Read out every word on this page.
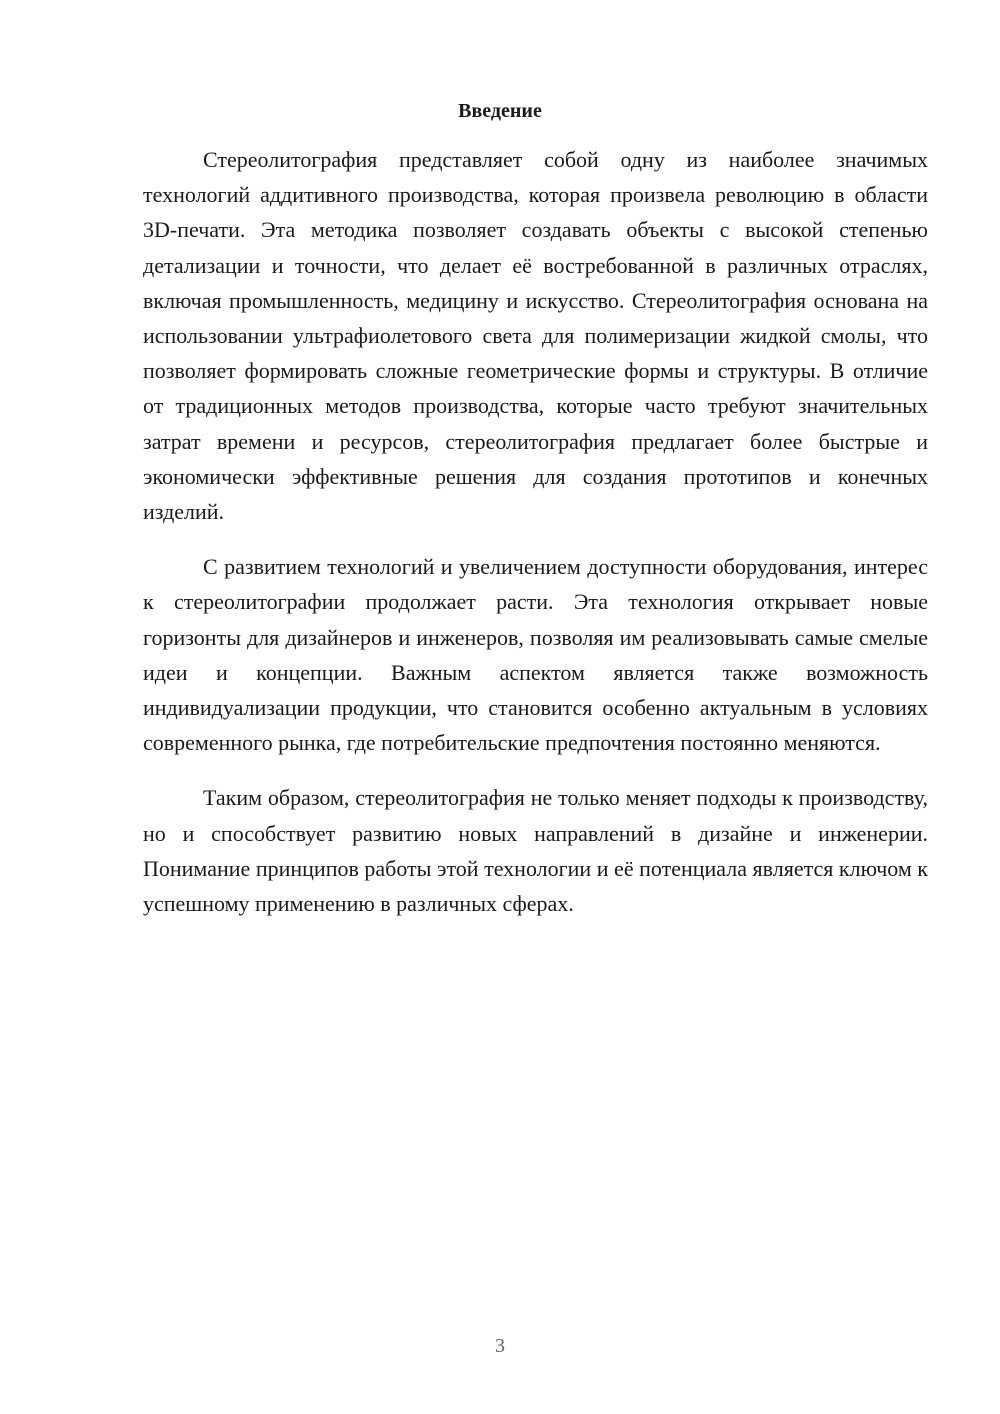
Введение

Стереолитография представляет собой одну из наиболее значимых технологий аддитивного производства, которая произвела революцию в области 3D-печати. Эта методика позволяет создавать объекты с высокой степенью детализации и точности, что делает её востребованной в различных отраслях, включая промышленность, медицину и искусство. Стереолитография основана на использовании ультрафиолетового света для полимеризации жидкой смолы, что позволяет формировать сложные геометрические формы и структуры. В отличие от традиционных методов производства, которые часто требуют значительных затрат времени и ресурсов, стереолитография предлагает более быстрые и экономически эффективные решения для создания прототипов и конечных изделий.

С развитием технологий и увеличением доступности оборудования, интерес к стереолитографии продолжает расти. Эта технология открывает новые горизонты для дизайнеров и инженеров, позволяя им реализовывать самые смелые идеи и концепции. Важным аспектом является также возможность индивидуализации продукции, что становится особенно актуальным в условиях современного рынка, где потребительские предпочтения постоянно меняются.

Таким образом, стереолитография не только меняет подходы к производству, но и способствует развитию новых направлений в дизайне и инженерии. Понимание принципов работы этой технологии и её потенциала является ключом к успешному применению в различных сферах.

3
